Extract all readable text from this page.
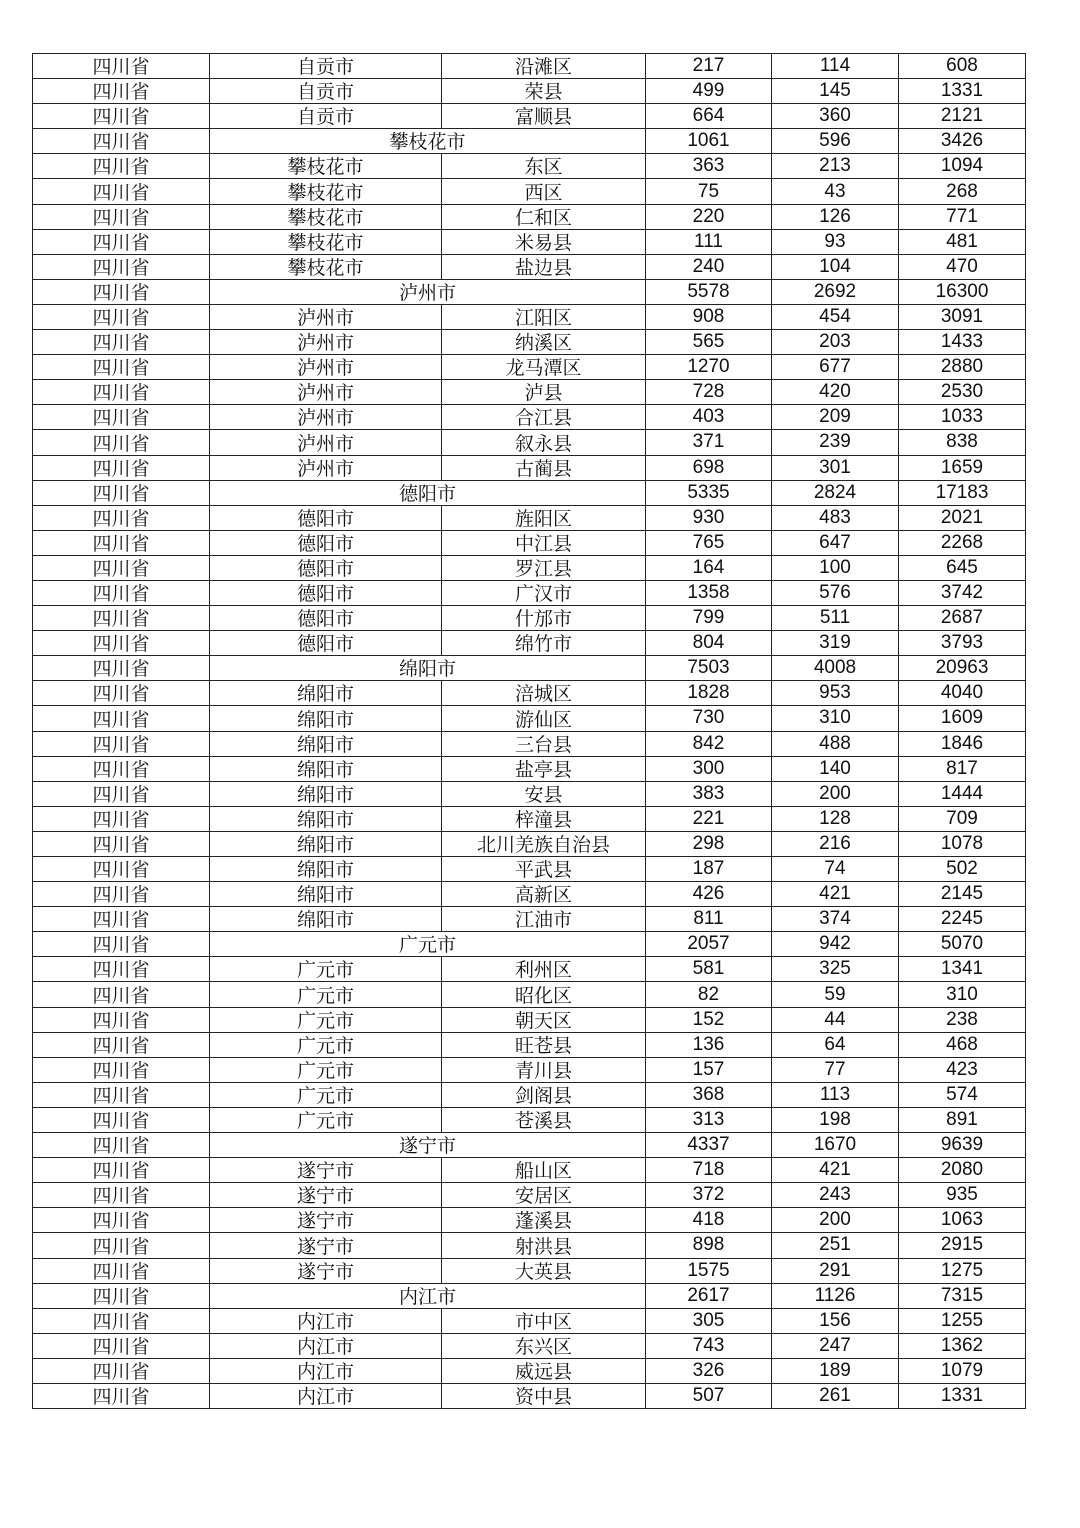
四川省	自贡市	沿滩区	217	114	608
四川省	自贡市	荣县	499	145	1331
四川省	自贡市	富顺县	664	360	2121
四川省	攀枝花市		1061	596	3426
四川省	攀枝花市	东区	363	213	1094
四川省	攀枝花市	西区	75	43	268
四川省	攀枝花市	仁和区	220	126	771
四川省	攀枝花市	米易县	111	93	481
四川省	攀枝花市	盐边县	240	104	470
四川省	泸州市		5578	2692	16300
四川省	泸州市	江阳区	908	454	3091
四川省	泸州市	纳溪区	565	203	1433
四川省	泸州市	龙马潭区	1270	677	2880
四川省	泸州市	泸县	728	420	2530
四川省	泸州市	合江县	403	209	1033
四川省	泸州市	叙永县	371	239	838
四川省	泸州市	古蔺县	698	301	1659
四川省	德阳市		5335	2824	17183
四川省	德阳市	旌阳区	930	483	2021
四川省	德阳市	中江县	765	647	2268
四川省	德阳市	罗江县	164	100	645
四川省	德阳市	广汉市	1358	576	3742
四川省	德阳市	什邡市	799	511	2687
四川省	德阳市	绵竹市	804	319	3793
四川省	绵阳市		7503	4008	20963
四川省	绵阳市	涪城区	1828	953	4040
四川省	绵阳市	游仙区	730	310	1609
四川省	绵阳市	三台县	842	488	1846
四川省	绵阳市	盐亭县	300	140	817
四川省	绵阳市	安县	383	200	1444
四川省	绵阳市	梓潼县	221	128	709
四川省	绵阳市	北川羌族自治县	298	216	1078
四川省	绵阳市	平武县	187	74	502
四川省	绵阳市	高新区	426	421	2145
四川省	绵阳市	江油市	811	374	2245
四川省	广元市		2057	942	5070
四川省	广元市	利州区	581	325	1341
四川省	广元市	昭化区	82	59	310
四川省	广元市	朝天区	152	44	238
四川省	广元市	旺苍县	136	64	468
四川省	广元市	青川县	157	77	423
四川省	广元市	剑阁县	368	113	574
四川省	广元市	苍溪县	313	198	891
四川省	遂宁市		4337	1670	9639
四川省	遂宁市	船山区	718	421	2080
四川省	遂宁市	安居区	372	243	935
四川省	遂宁市	蓬溪县	418	200	1063
四川省	遂宁市	射洪县	898	251	2915
四川省	遂宁市	大英县	1575	291	1275
四川省	内江市		2617	1126	7315
四川省	内江市	市中区	305	156	1255
四川省	内江市	东兴区	743	247	1362
四川省	内江市	威远县	326	189	1079
四川省	内江市	资中县	507	261	1331
